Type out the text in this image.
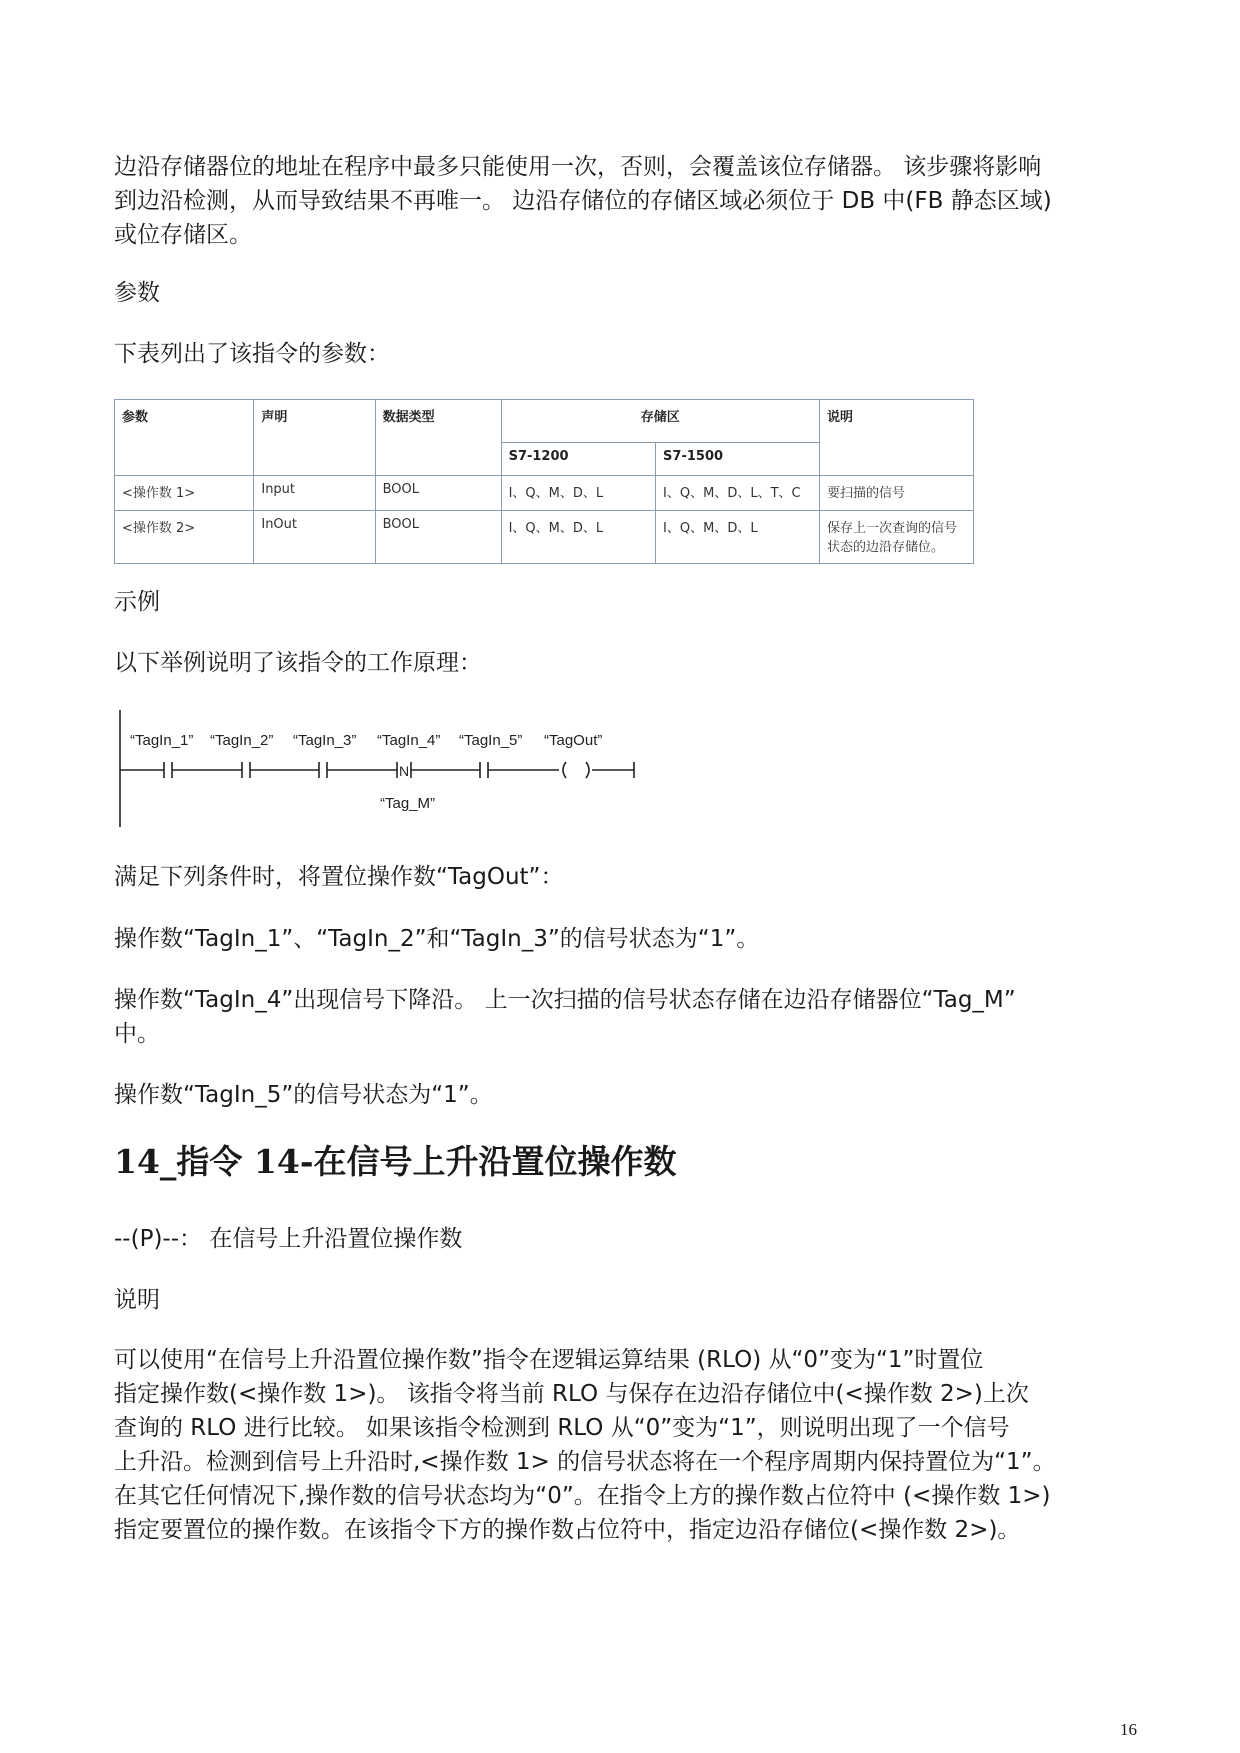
边沿存储器位的地址在程序中最多只能使用一次，否则，会覆盖该位存储器。 该步骤将影响

到边沿检测，从而导致结果不再唯一。 边沿存储位的存储区域必须位于 DB 中(FB 静态区域)

或位存储区。

参数

下表列出了该指令的参数：

参数	声明	数据类型	存储区		说明
			S7-1200	S7-1500	
<操作数 1>	Input	BOOL	I、Q、M、D、L	I、Q、M、D、L、T、C	要扫描的信号
<操作数 2>	InOut	BOOL	I、Q、M、D、L	I、Q、M、D、L	保存上一次查询的信号状态的边沿存储位。

示例

以下举例说明了该指令的工作原理：

“TagIn_1” “TagIn_2” “TagIn_3” “TagIn_4” “TagIn_5” “TagOut”
N
“Tag_M”

满足下列条件时，将置位操作数“TagOut”：

操作数“TagIn_1”、“TagIn_2”和“TagIn_3”的信号状态为“1”。

操作数“TagIn_4”出现信号下降沿。 上一次扫描的信号状态存储在边沿存储器位“Tag_M”

中。

操作数“TagIn_5”的信号状态为“1”。

14_指令 14-在信号上升沿置位操作数

--(P)--： 在信号上升沿置位操作数

说明

可以使用“在信号上升沿置位操作数”指令在逻辑运算结果 (RLO) 从“0”变为“1”时置位

指定操作数(<操作数 1>)。 该指令将当前 RLO 与保存在边沿存储位中(<操作数 2>)上次

查询的 RLO 进行比较。 如果该指令检测到 RLO 从“0”变为“1”，则说明出现了一个信号

上升沿。检测到信号上升沿时,<操作数 1> 的信号状态将在一个程序周期内保持置位为“1”。

在其它任何情况下,操作数的信号状态均为“0”。在指令上方的操作数占位符中 (<操作数 1>)

指定要置位的操作数。在该指令下方的操作数占位符中，指定边沿存储位(<操作数 2>)。

16
